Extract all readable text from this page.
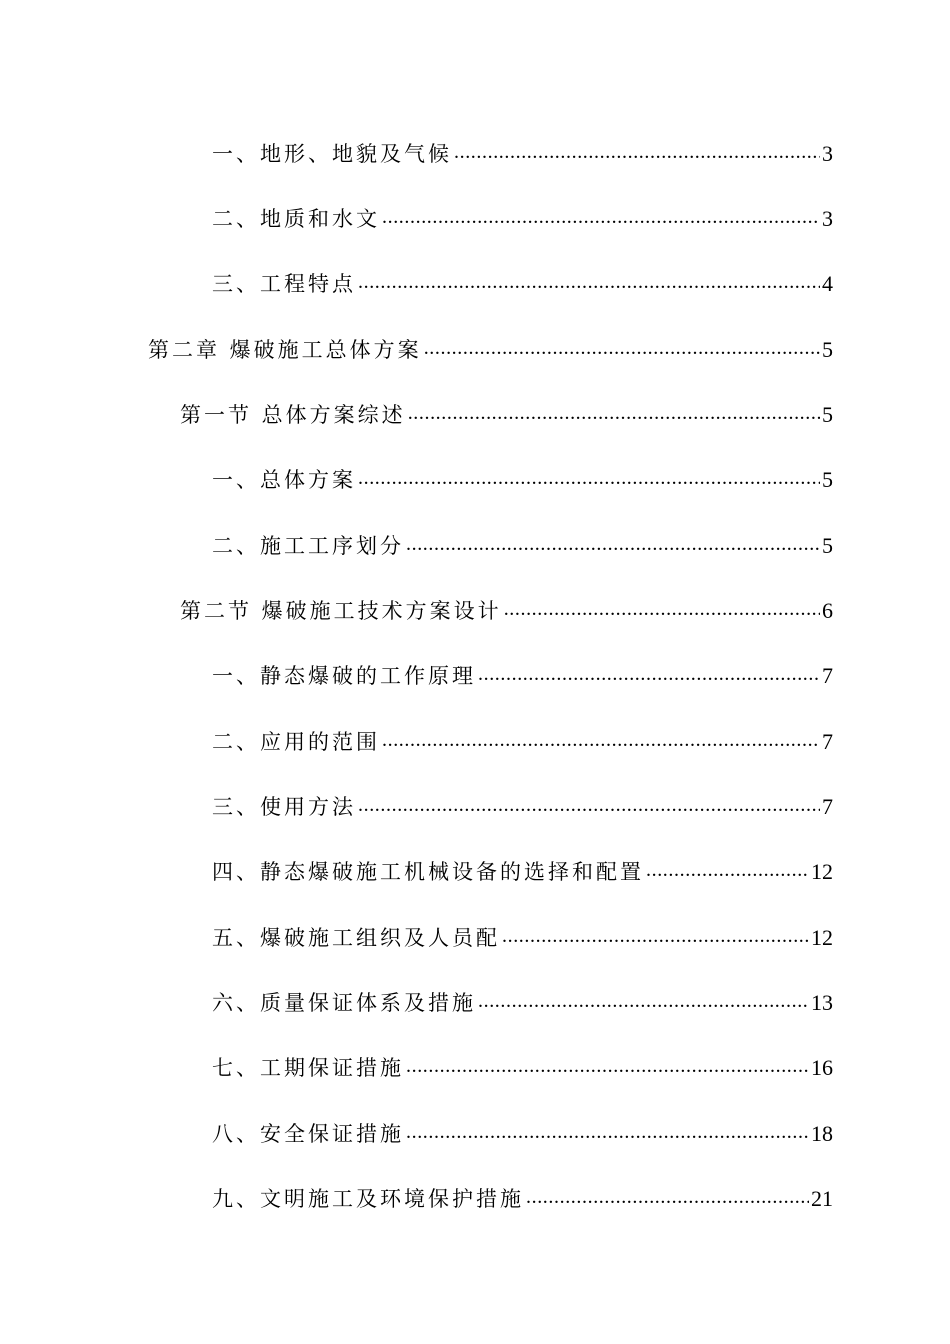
一、地形、地貌及气候 .....	3
二、地质和水文 .....	3
三、工程特点 .....	4
第二章 爆破施工总体方案 .....	5
第一节 总体方案综述 .....	5
一、总体方案 .....	5
二、施工工序划分 .....	5
第二节 爆破施工技术方案设计 .....	6
一、静态爆破的工作原理 .....	7
二、应用的范围 .....	7
三、使用方法 .....	7
四、静态爆破施工机械设备的选择和配置 .....	12
五、爆破施工组织及人员配 .....	12
六、质量保证体系及措施 .....	13
七、工期保证措施 .....	16
八、安全保证措施 .....	18
九、文明施工及环境保护措施 .....	21
